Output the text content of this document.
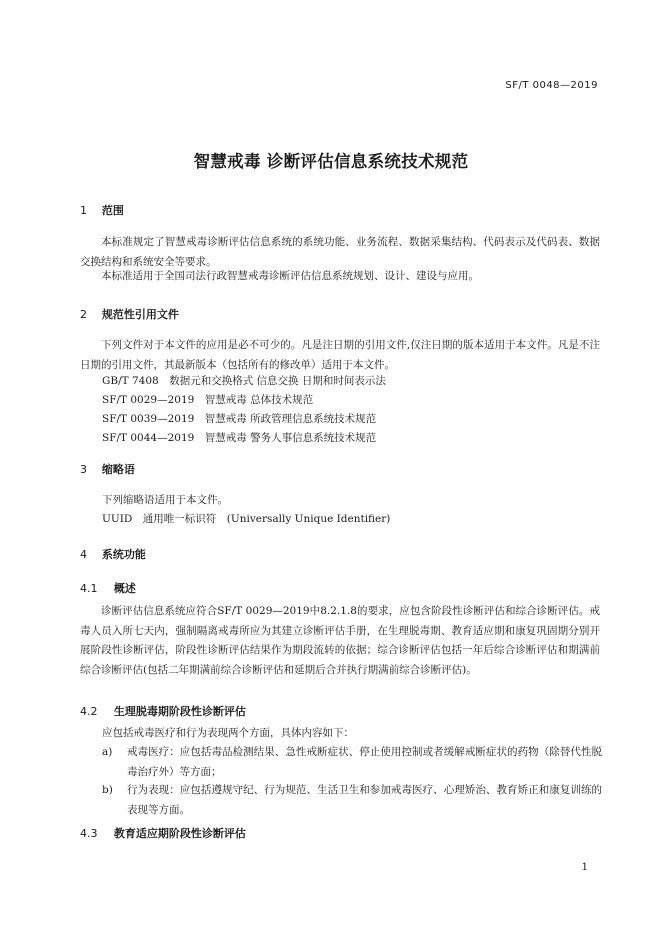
SF/T 0048—2019
智慧戒毒 诊断评估信息系统技术规范
1 范围
本标准规定了智慧戒毒诊断评估信息系统的系统功能、业务流程、数据采集结构、代码表示及代码表、数据交换结构和系统安全等要求。
本标准适用于全国司法行政智慧戒毒诊断评估信息系统规划、设计、建设与应用。
2 规范性引用文件
下列文件对于本文件的应用是必不可少的。凡是注日期的引用文件,仅注日期的版本适用于本文件。凡是不注日期的引用文件，其最新版本（包括所有的修改单）适用于本文件。
GB/T 7408　数据元和交换格式 信息交换 日期和时间表示法
SF/T 0029—2019　智慧戒毒 总体技术规范
SF/T 0039—2019　智慧戒毒 所政管理信息系统技术规范
SF/T 0044—2019　智慧戒毒 警务人事信息系统技术规范
3 缩略语
下列缩略语适用于本文件。
UUID　通用唯一标识符　(Universally Unique Identifier)
4 系统功能
4.1 概述
诊断评估信息系统应符合SF/T 0029—2019中8.2.1.8的要求，应包含阶段性诊断评估和综合诊断评估。戒毒人员入所七天内，强制隔离戒毒所应为其建立诊断评估手册，在生理脱毒期、教育适应期和康复巩固期分别开展阶段性诊断评估，阶段性诊断评估结果作为期段流转的依据；综合诊断评估包括一年后综合诊断评估和期满前综合诊断评估(包括二年期满前综合诊断评估和延期后合并执行期满前综合诊断评估)。
4.2 生理脱毒期阶段性诊断评估
应包括戒毒医疗和行为表现两个方面，具体内容如下：
a) 戒毒医疗：应包括毒品检测结果、急性戒断症状、停止使用控制或者缓解戒断症状的药物（除替代性脱毒治疗外）等方面；
b) 行为表现：应包括遵规守纪、行为规范、生活卫生和参加戒毒医疗、心理矫治、教育矫正和康复训练的表现等方面。
4.3 教育适应期阶段性诊断评估
1
